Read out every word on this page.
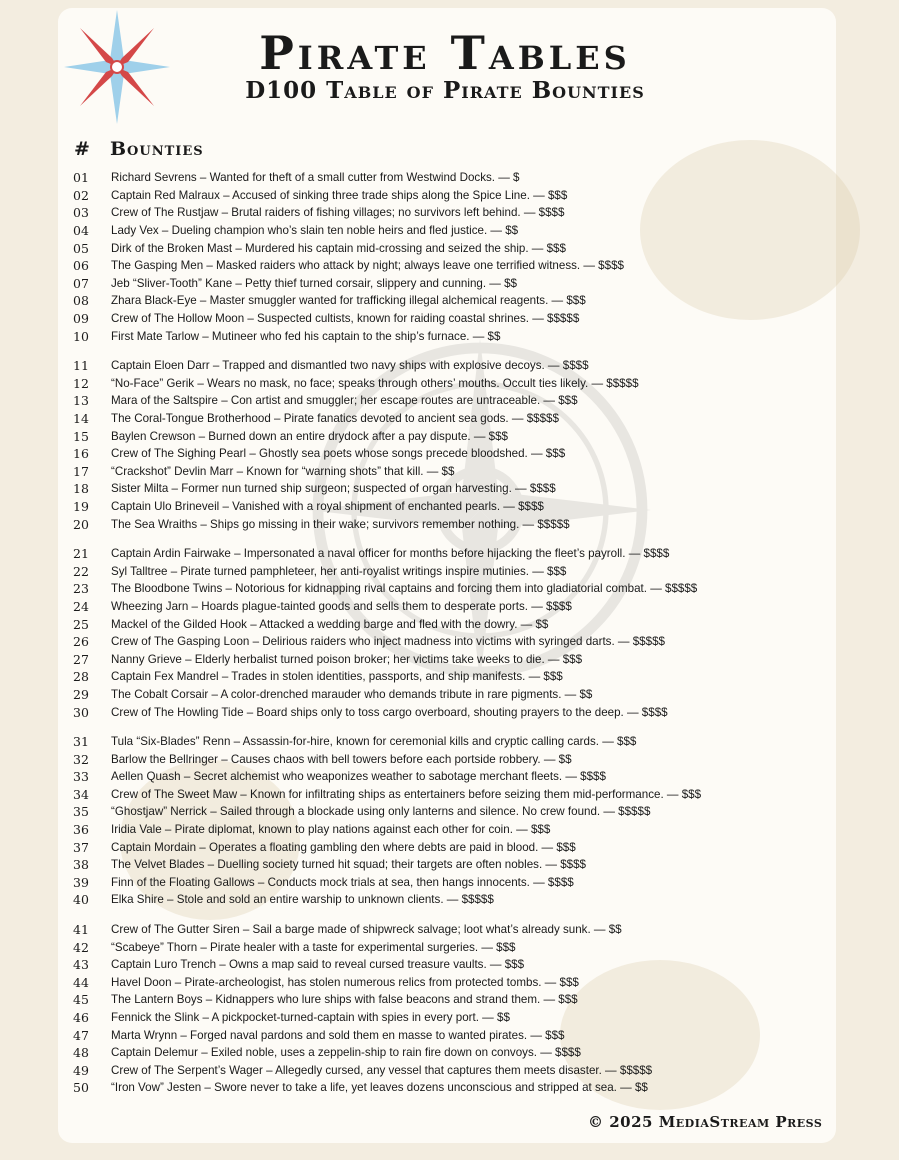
Pirate Tables
D100 Table of Pirate Bounties
# Bounties
01	Richard Sevrens – Wanted for theft of a small cutter from Westwind Docks. — $
02	Captain Red Malraux – Accused of sinking three trade ships along the Spice Line. — $$$
03	Crew of The Rustjaw – Brutal raiders of fishing villages; no survivors left behind. — $$$$
04	Lady Vex – Dueling champion who’s slain ten noble heirs and fled justice. — $$
05	Dirk of the Broken Mast – Murdered his captain mid-crossing and seized the ship. — $$$
06	The Gasping Men – Masked raiders who attack by night; always leave one terrified witness. — $$$$
07	Jeb “Sliver-Tooth” Kane – Petty thief turned corsair, slippery and cunning. — $$
08	Zhara Black-Eye – Master smuggler wanted for trafficking illegal alchemical reagents. — $$$
09	Crew of The Hollow Moon – Suspected cultists, known for raiding coastal shrines. — $$$$$
10	First Mate Tarlow – Mutineer who fed his captain to the ship’s furnace. — $$
11	Captain Eloen Darr – Trapped and dismantled two navy ships with explosive decoys. — $$$$
12	“No-Face” Gerik – Wears no mask, no face; speaks through others’ mouths. Occult ties likely. — $$$$$
13	Mara of the Saltspire – Con artist and smuggler; her escape routes are untraceable. — $$$
14	The Coral-Tongue Brotherhood – Pirate fanatics devoted to ancient sea gods. — $$$$$
15	Baylen Crewson – Burned down an entire drydock after a pay dispute. — $$$
16	Crew of The Sighing Pearl – Ghostly sea poets whose songs precede bloodshed. — $$$
17	“Crackshot” Devlin Marr – Known for “warning shots” that kill. — $$
18	Sister Milta – Former nun turned ship surgeon; suspected of organ harvesting. — $$$$
19	Captain Ulo Brineveil – Vanished with a royal shipment of enchanted pearls. — $$$$
20	The Sea Wraiths – Ships go missing in their wake; survivors remember nothing. — $$$$$
21	Captain Ardin Fairwake – Impersonated a naval officer for months before hijacking the fleet’s payroll. — $$$$
22	Syl Talltree – Pirate turned pamphleteer, her anti-royalist writings inspire mutinies. — $$$
23	The Bloodbone Twins – Notorious for kidnapping rival captains and forcing them into gladiatorial combat. — $$$$$
24	Wheezing Jarn – Hoards plague-tainted goods and sells them to desperate ports. — $$$$
25	Mackel of the Gilded Hook – Attacked a wedding barge and fled with the dowry. — $$
26	Crew of The Gasping Loon – Delirious raiders who inject madness into victims with syringed darts. — $$$$$
27	Nanny Grieve – Elderly herbalist turned poison broker; her victims take weeks to die. — $$$
28	Captain Fex Mandrel – Trades in stolen identities, passports, and ship manifests. — $$$
29	The Cobalt Corsair – A color-drenched marauder who demands tribute in rare pigments. — $$
30	Crew of The Howling Tide – Board ships only to toss cargo overboard, shouting prayers to the deep. — $$$$
31	Tula “Six-Blades” Renn – Assassin-for-hire, known for ceremonial kills and cryptic calling cards. — $$$
32	Barlow the Bellringer – Causes chaos with bell towers before each portside robbery. — $$
33	Aellen Quash – Secret alchemist who weaponizes weather to sabotage merchant fleets. — $$$$
34	Crew of The Sweet Maw – Known for infiltrating ships as entertainers before seizing them mid-performance. — $$$
35	“Ghostjaw” Nerrick – Sailed through a blockade using only lanterns and silence. No crew found. — $$$$$
36	Iridia Vale – Pirate diplomat, known to play nations against each other for coin. — $$$
37	Captain Mordain – Operates a floating gambling den where debts are paid in blood. — $$$
38	The Velvet Blades – Duelling society turned hit squad; their targets are often nobles. — $$$$
39	Finn of the Floating Gallows – Conducts mock trials at sea, then hangs innocents. — $$$$
40	Elka Shire – Stole and sold an entire warship to unknown clients. — $$$$$
41	Crew of The Gutter Siren – Sail a barge made of shipwreck salvage; loot what’s already sunk. — $$
42	“Scabeye” Thorn – Pirate healer with a taste for experimental surgeries. — $$$
43	Captain Luro Trench – Owns a map said to reveal cursed treasure vaults. — $$$
44	Havel Doon – Pirate-archeologist, has stolen numerous relics from protected tombs. — $$$
45	The Lantern Boys – Kidnappers who lure ships with false beacons and strand them. — $$$
46	Fennick the Slink – A pickpocket-turned-captain with spies in every port. — $$
47	Marta Wrynn – Forged naval pardons and sold them en masse to wanted pirates. — $$$
48	Captain Delemur – Exiled noble, uses a zeppelin-ship to rain fire down on convoys. — $$$$
49	Crew of The Serpent’s Wager – Allegedly cursed, any vessel that captures them meets disaster. — $$$$$
50	“Iron Vow” Jesten – Swore never to take a life, yet leaves dozens unconscious and stripped at sea. — $$
© 2025 MediaStream Press
